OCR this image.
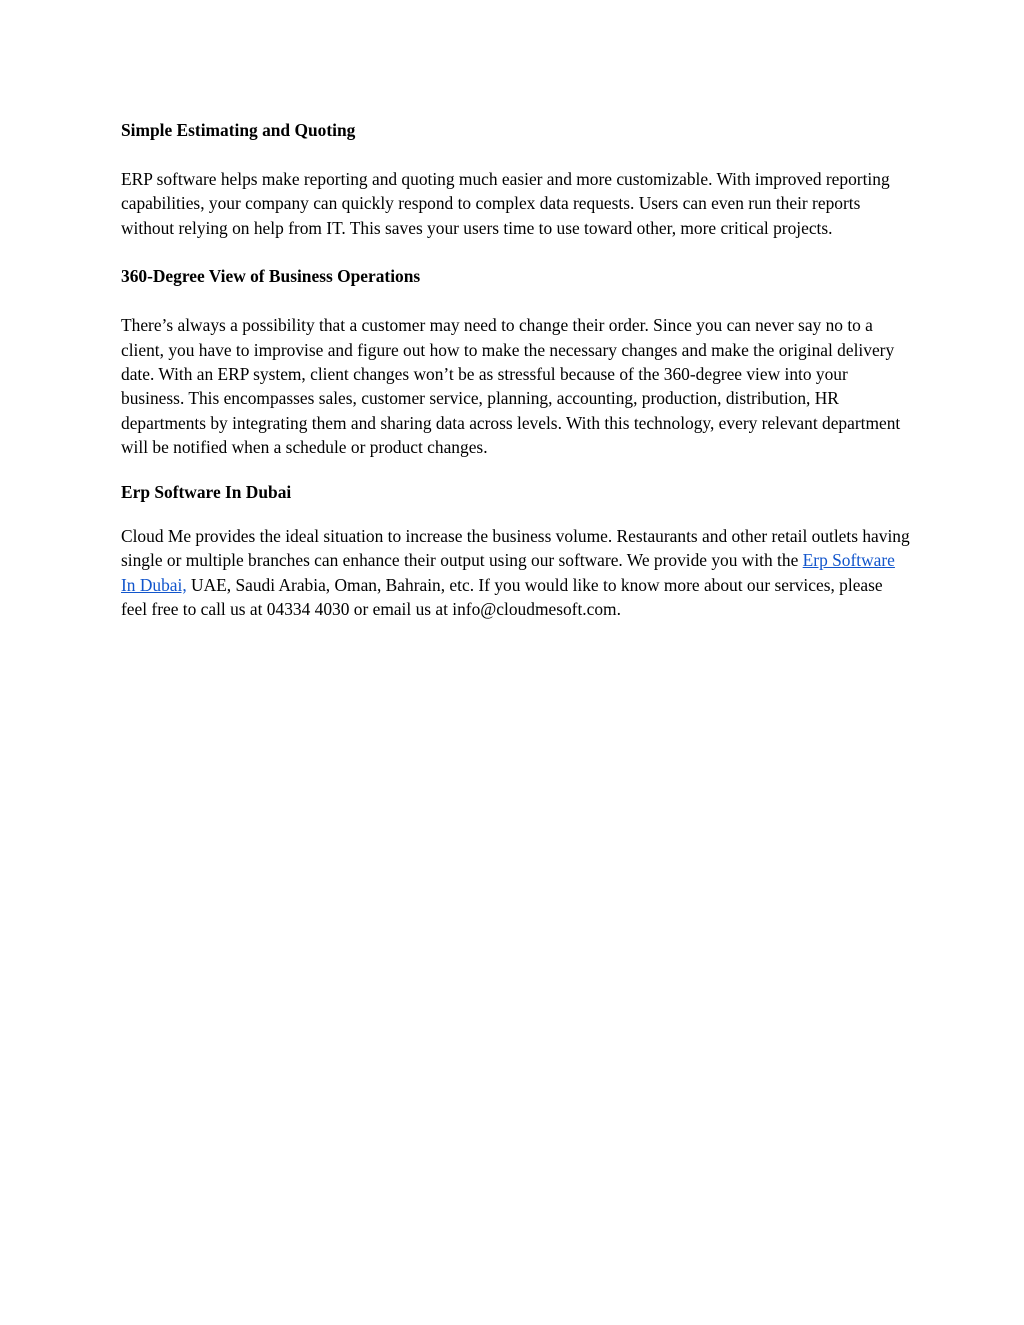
Simple Estimating and Quoting

ERP software helps make reporting and quoting much easier and more customizable. With improved reporting capabilities, your company can quickly respond to complex data requests. Users can even run their reports without relying on help from IT. This saves your users time to use toward other, more critical projects.

360-Degree View of Business Operations

There’s always a possibility that a customer may need to change their order. Since you can never say no to a client, you have to improvise and figure out how to make the necessary changes and make the original delivery date. With an ERP system, client changes won’t be as stressful because of the 360-degree view into your business. This encompasses sales, customer service, planning, accounting, production, distribution, HR departments by integrating them and sharing data across levels. With this technology, every relevant department will be notified when a schedule or product changes.

Erp Software In Dubai

Cloud Me provides the ideal situation to increase the business volume. Restaurants and other retail outlets having single or multiple branches can enhance their output using our software. We provide you with the Erp Software In Dubai, UAE, Saudi Arabia, Oman, Bahrain, etc. If you would like to know more about our services, please feel free to call us at 04334 4030 or email us at info@cloudmesoft.com.
